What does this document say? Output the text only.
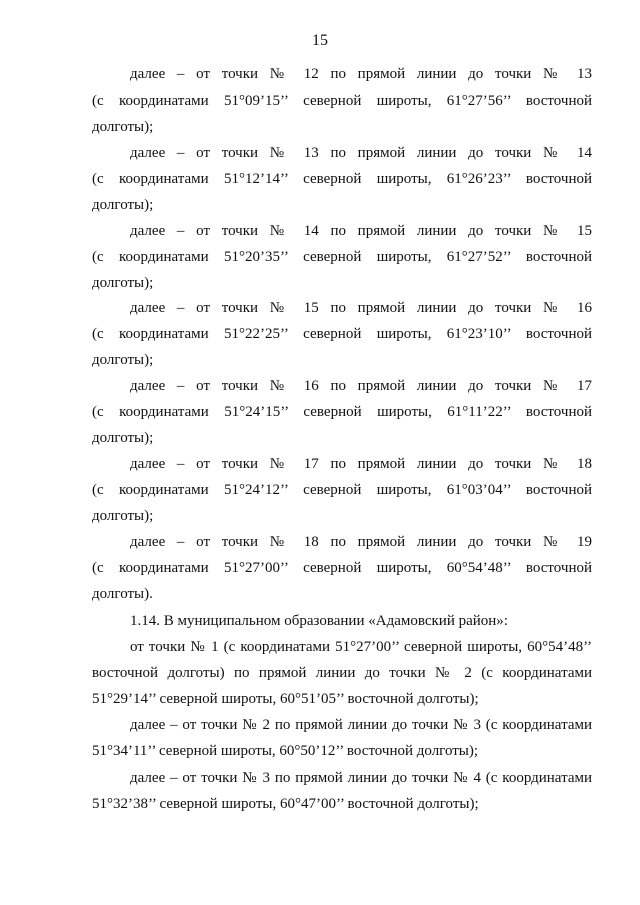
15
далее – от точки № 12 по прямой линии до точки № 13
(с координатами 51°09’15’’ северной широты, 61°27’56’’ восточной
долготы);
далее – от точки № 13 по прямой линии до точки № 14
(с координатами 51°12’14’’ северной широты, 61°26’23’’ восточной
долготы);
далее – от точки № 14 по прямой линии до точки № 15
(с координатами 51°20’35’’ северной широты, 61°27’52’’ восточной
долготы);
далее – от точки № 15 по прямой линии до точки № 16
(с координатами 51°22’25’’ северной широты, 61°23’10’’ восточной
долготы);
далее – от точки № 16 по прямой линии до точки № 17
(с координатами 51°24’15’’ северной широты, 61°11’22’’ восточной
долготы);
далее – от точки № 17 по прямой линии до точки № 18
(с координатами 51°24’12’’ северной широты, 61°03’04’’ восточной
долготы);
далее – от точки № 18 по прямой линии до точки № 19
(с координатами 51°27’00’’ северной широты, 60°54’48’’ восточной
долготы).
1.14. В муниципальном образовании «Адамовский район»:
от точки № 1 (с координатами 51°27’00’’ северной широты, 60°54’48’’
восточной долготы) по прямой линии до точки № 2 (с координатами
51°29’14’’ северной широты, 60°51’05’’ восточной долготы);
далее – от точки № 2 по прямой линии до точки № 3 (с координатами
51°34’11’’ северной широты, 60°50’12’’ восточной долготы);
далее – от точки № 3 по прямой линии до точки № 4 (с координатами
51°32’38’’ северной широты, 60°47’00’’ восточной долготы);
